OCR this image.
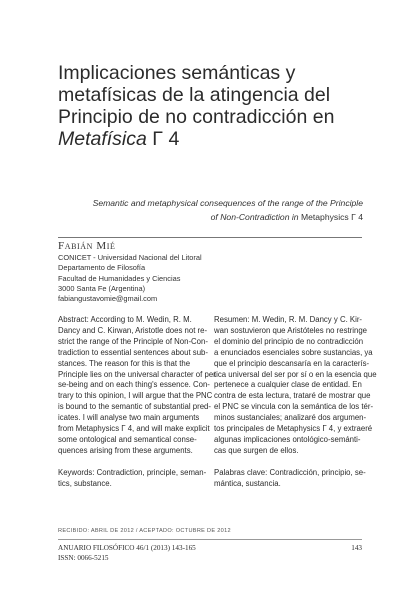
Implicaciones semánticas y
metafísicas de la atingencia del
Principio de no contradicción en
Metafísica Γ 4
Semantic and metaphysical consequences of the range of the Principle
of Non-Contradiction in Metaphysics Γ 4
Fabián Mié
CONICET - Universidad Nacional del Litoral
Departamento de Filosofía
Facultad de Humanidades y Ciencias
3000 Santa Fe (Argentina)
fabiangustavomie@gmail.com
Abstract: According to M. Wedin, R. M.
Dancy and C. Kirwan, Aristotle does not re-
strict the range of the Principle of Non-Con-
tradiction to essential sentences about sub-
stances. The reason for this is that the
Principle lies on the universal character of per
se-being and on each thing's essence. Con-
trary to this opinion, I will argue that the PNC
is bound to the semantic of substantial pred-
icates. I will analyse two main arguments
from Metaphysics Γ 4, and will make explicit
some ontological and semantical conse-
quences arising from these arguments.
Keywords: Contradiction, principle, seman-
tics, substance.
Resumen: M. Wedin, R. M. Dancy y C. Kir-
wan sostuvieron que Aristóteles no restringe
el dominio del principio de no contradicción
a enunciados esenciales sobre sustancias, ya
que el principio descansaría en la caracterís-
tica universal del ser por sí o en la esencia que
pertenece a cualquier clase de entidad. En
contra de esta lectura, trataré de mostrar que
el PNC se vincula con la semántica de los tér-
minos sustanciales; analizaré dos argumen-
tos principales de Metaphysics Γ 4, y extraeré
algunas implicaciones ontológico-semánti-
cas que surgen de ellos.
Palabras clave: Contradicción, principio, se-
mántica, sustancia.
RECIBIDO: ABRIL DE 2012 / ACEPTADO: OCTUBRE DE 2012
ANUARIO FILOSÓFICO 46/1 (2013) 143-165
ISSN: 0066-5215
143
